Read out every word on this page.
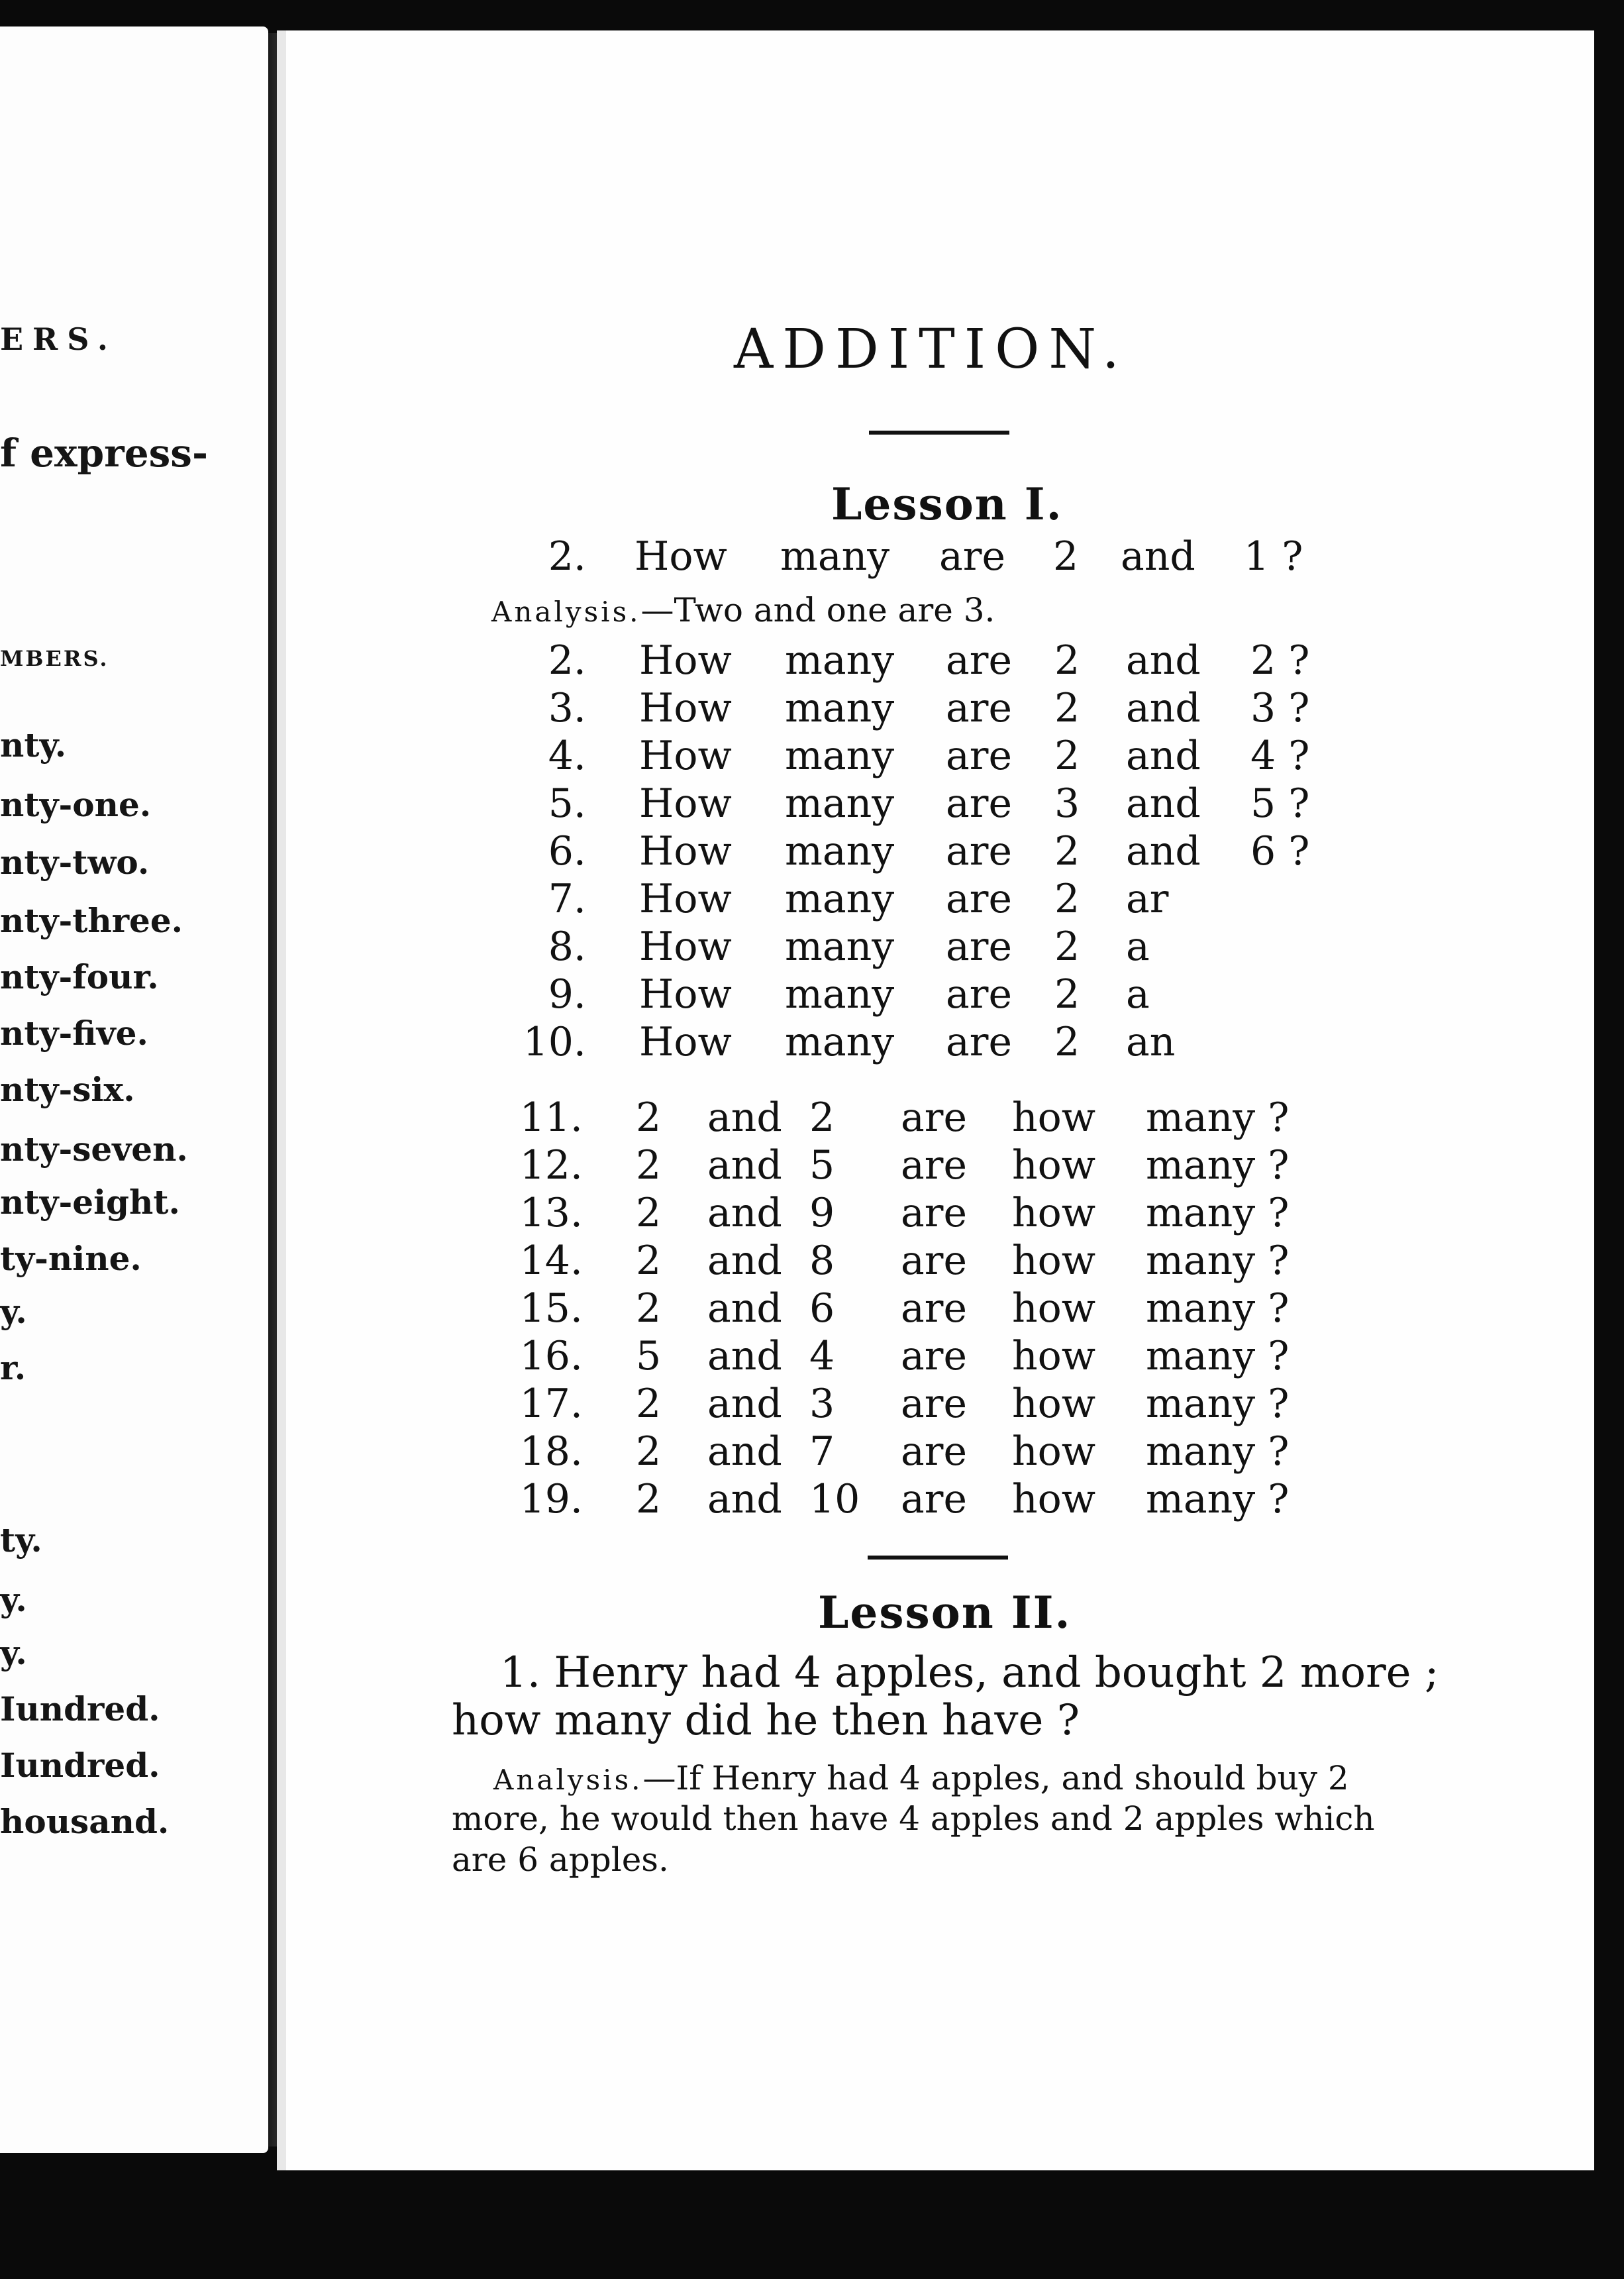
ERS.
f express-
MBERS.
nty.
nty-one.
nty-two.
nty-three.
nty-four.
nty-five.
nty-six.
nty-seven.
nty-eight.
ty-nine.
y.
r.
ty.
y.
y.
Iundred.
Iundred.
housand.
ADDITION.
Lesson I.
2. How many are 2 and 1 ?
Analysis.—Two and one are 3.
2. How many are 2 and 2 ?
3. How many are 2 and 3 ?
4. How many are 2 and 4 ?
5. How many are 3 and 5 ?
6. How many are 2 and 6 ?
7. How many are 2 ar
8. How many are 2 a
9. How many are 2 a
10. How many are 2 an
11. 2 and 2 are how many ?
12. 2 and 5 are how many ?
13. 2 and 9 are how many ?
14. 2 and 8 are how many ?
15. 2 and 6 are how many ?
16. 5 and 4 are how many ?
17. 2 and 3 are how many ?
18. 2 and 7 are how many ?
19. 2 and 10 are how many ?
Lesson II.
1. Henry had 4 apples, and bought 2 more ;
how many did he then have ?
Analysis.—If Henry had 4 apples, and should buy 2
more, he would then have 4 apples and 2 apples which
are 6 apples.
